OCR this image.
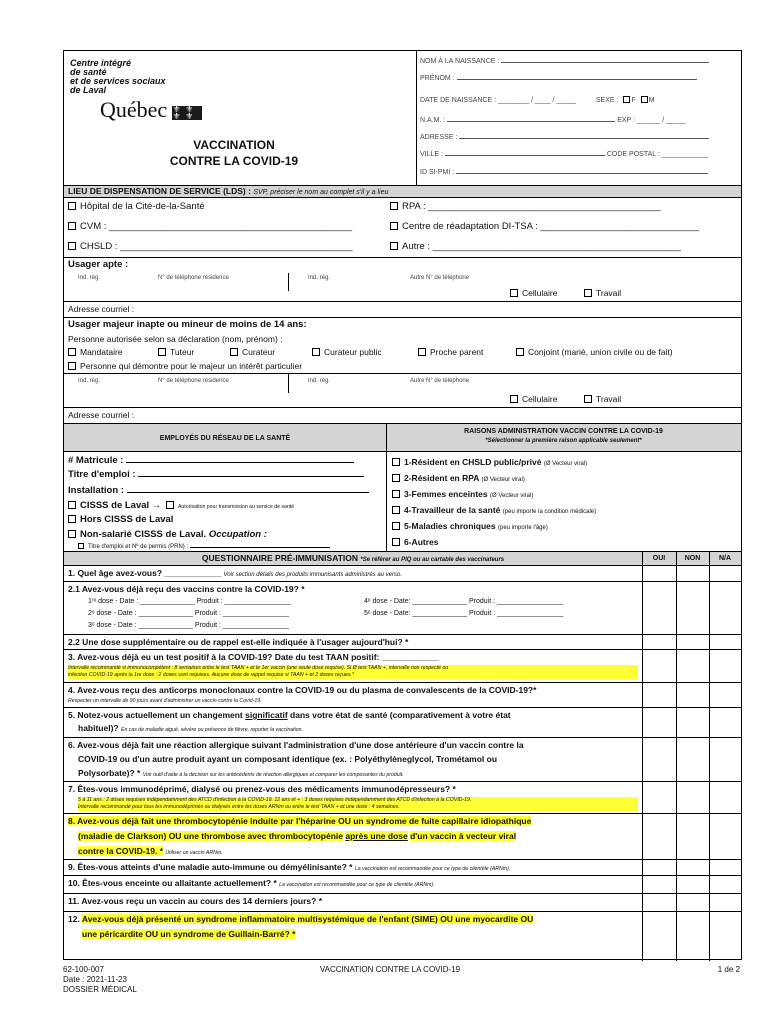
Centre intégré
de santé
et de services sociaux
de Laval
Québec ⚜ ⚜ ⚜ ⚜
VACCINATION
CONTRE LA COVID-19
NOM À LA NAISSANCE :
PRÉNOM :
DATE DE NAISSANCE : ________ / ____ / _____	SEXE : F M
N.A.M. :	EXP : ______ / _____
ADRESSE :
VILLE :	CODE POSTAL : ____________
ID SI-PMI :
LIEU DE DISPENSATION DE SERVICE (LDS) : SVP, préciser le nom au complet s'il y a lieu
Hôpital de la Cité-de-la-Santé	RPA : ____________________________________________
CVM : ______________________________________________	Centre de réadaptation DI-TSA : ______________________________
CHSLD : ____________________________________________	Autre : _______________________________________________
Usager apte :
Ind. rég.	N° de téléphone résidence	Ind. rég.	Autre N° de téléphone
Cellulaire	Travail
Adresse courriel :
Usager majeur inapte ou mineur de moins de 14 ans:
Personne autorisée selon sa déclaration (nom, prénom) :
Mandataire	Tuteur	Curateur	Curateur public	Proche parent	Conjoint (marié, union civile ou de fait)
Personne qui démontre pour le majeur un intérêt particulier
Ind. rég.	N° de téléphone résidence	Ind. rég.	Autre N° de téléphone
Cellulaire	Travail
Adresse courriel :
EMPLOYÉS DU RÉSEAU DE LA SANTÉ
RAISONS ADMINISTRATION VACCIN CONTRE LA COVID-19
*Sélectionner la première raison applicable seulement*
# Matricule :
Titre d'emploi :
Installation :
CISSS de Laval →	Autorisation pour transmission au service de santé
Hors CISSS de Laval
Non-salarié CISSS de Laval. Occupation :
Titre d'emploi et Nº de permis (PRN) :
1-Résident en CHSLD public/privé (Ø Vecteur viral)
2-Résident en RPA (Ø Vecteur viral)
3-Femmes enceintes (Ø Vecteur viral)
4-Travailleur de la santé (peu importe la condition médicale)
5-Maladies chroniques (peu importe l'âge)
6-Autres
QUESTIONNAIRE PRÉ-IMMUNISATION *Se référer au PIQ ou au cartable des vaccinateurs	OUI	NON	N/A
1. Quel âge avez-vous? ____________ Voir section détails des produits immunisants administrés au verso.
2.1 Avez-vous déjà reçu des vaccins contre la COVID-19? *
1ʳᵉ dose - Date : ______________ Produit : _________________
2ᵉ dose - Date : ______________ Produit : _________________
3ᵉ dose - Date : ______________ Produit : _________________
4ᵉ dose - Date: ______________ Produit : _________________
5ᵉ dose - Date: ______________ Produit : _________________
2.2 Une dose supplémentaire ou de rappel est-elle indiquée à l'usager aujourd'hui? *
3. Avez-vous déjà eu un test positif à la COVID-19? Date du test TAAN positif: ____________
Intervalle recommandé si immunocompétent : 8 semaines entre le test TAAN + et le 1er vaccin (une seule dose requise). Si Ø test TAAN +, intervalle non respecté ou
infection COVID-19 après la 1re dose : 2 doses sont requises. Aucune dose de rappel requise si TAAN + et 2 doses reçues.*
4. Avez-vous reçu des anticorps monoclonaux contre la COVID-19 ou du plasma de convalescents de la COVID-19?*
Respecter un intervalle de 90 jours avant d'administrer un vaccin contre la Covid-19.
5. Notez-vous actuellement un changement significatif dans votre état de santé (comparativement à votre état
habituel)? En cas de maladie aiguë, sévère ou présence de fièvre, reporter la vaccination.
6. Avez-vous déjà fait une réaction allergique suivant l'administration d'une dose antérieure d'un vaccin contre la
COVID-19 ou d'un autre produit ayant un composant identique (ex. : Polyéthylèneglycol, Trométamol ou
Polysorbate)? * Voir outil d'aide à la décision sur les antécédents de réaction allergiques et comparer les composantes du produit.
7. Êtes-vous immunodéprimé, dialysé ou prenez-vous des médicaments immunodépresseurs? *
5 à 11 ans : 2 doses requises indépendamment des ATCD d'infection à la COVID-19. 12 ans et + : 3 doses requises indépendamment des ATCD d'infection à la COVID-19.
Intervalle recommandé pour tous les immunodéprimés ou dialysés entre les doses ARNm ou entre le test TAAN + et une dose : 4 semaines.
8. Avez-vous déjà fait une thrombocytopénie induite par l'héparine OU un syndrome de fuite capillaire idiopathique
(maladie de Clarkson) OU une thrombose avec thrombocytopénie après une dose d'un vaccin à vecteur viral
contre la COVID-19. * Utiliser un vaccin ARNm.
9. Êtes-vous atteints d'une maladie auto-immune ou démyélinisante? * La vaccination est recommandée pour ce type de clientèle (ARNm).
10. Êtes-vous enceinte ou allaitante actuellement? * La vaccination est recommandée pour ce type de clientèle (ARNm).
11. Avez-vous reçu un vaccin au cours des 14 derniers jours? *
12. Avez-vous déjà présenté un syndrome inflammatoire multisystémique de l'enfant (SIME) OU une myocardite OU
une péricardite OU un syndrome de Guillain-Barré? *
62-100-007
Date : 2021-11-23
DOSSIER MÉDICAL
VACCINATION CONTRE LA COVID-19	1 de 2
